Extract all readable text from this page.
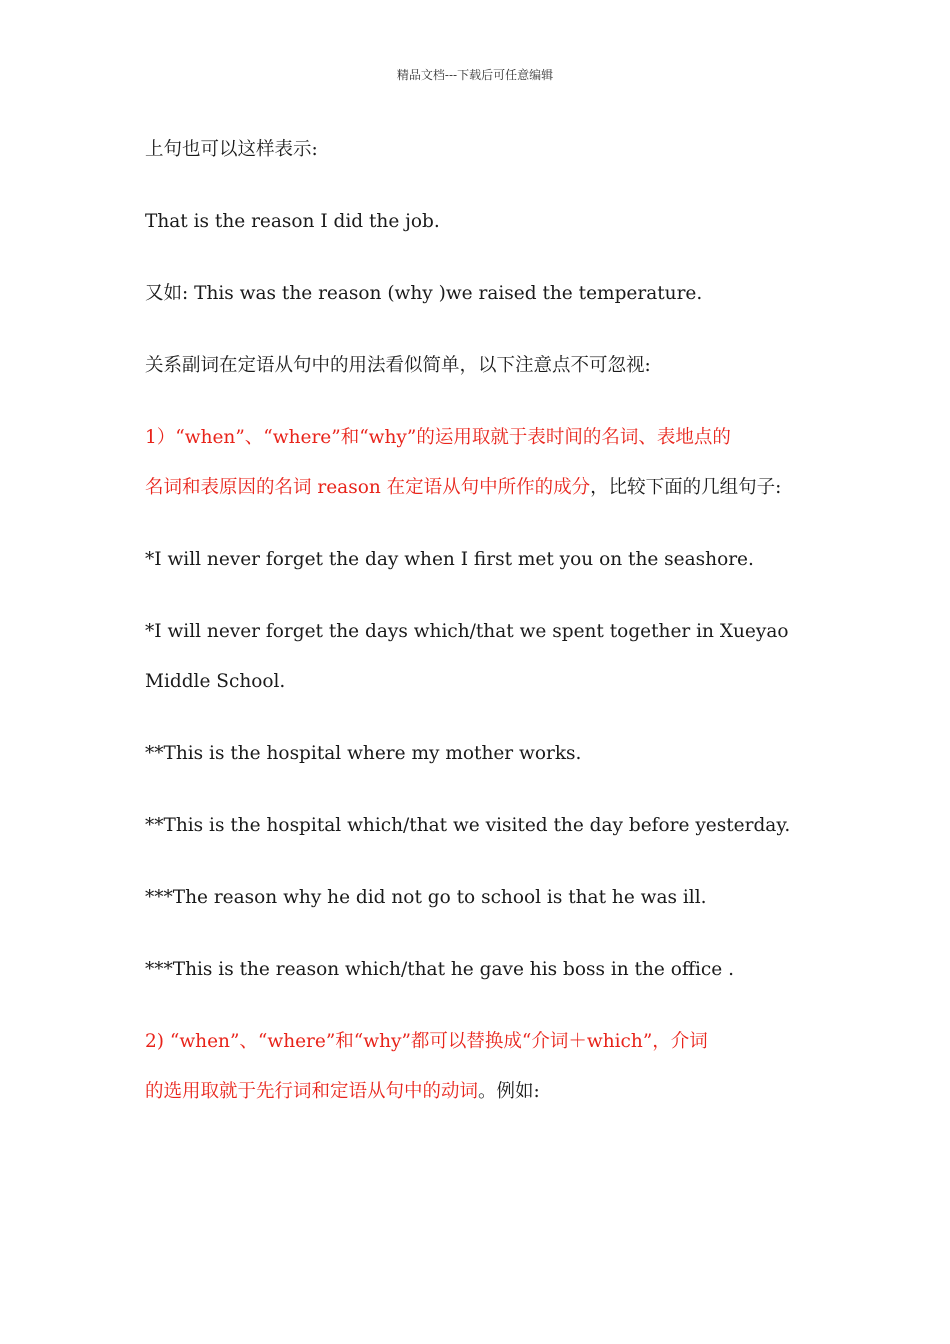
精品文档---下载后可任意编辑
上句也可以这样表示:
That is the reason I did the job.
又如: This was the reason (why )we raised the temperature.
关系副词在定语从句中的用法看似简单，以下注意点不可忽视:
1）“when”、“where”和“why”的运用取就于表时间的名词、表地点的
名词和表原因的名词 reason 在定语从句中所作的成分，比较下面的几组句子:
*I will never forget the day when I first met you on the seashore.
*I will never forget the days which/that we spent together in Xueyao
Middle School.
**This is the hospital where my mother works.
**This is the hospital which/that we visited the day before yesterday.
***The reason why he did not go to school is that he was ill.
***This is the reason which/that he gave his boss in the office .
2) “when”、“where”和“why”都可以替换成“介词＋which”，介词
的选用取就于先行词和定语从句中的动词。例如:
